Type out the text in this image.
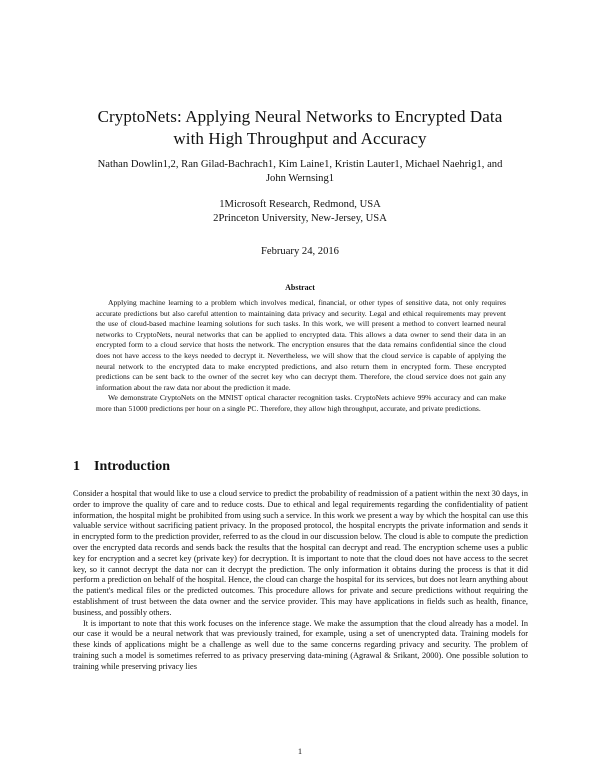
CryptoNets: Applying Neural Networks to Encrypted Data
with High Throughput and Accuracy
Nathan Dowlin1,2, Ran Gilad-Bachrach1, Kim Laine1, Kristin Lauter1, Michael Naehrig1, and
John Wernsing1
1Microsoft Research, Redmond, USA
2Princeton University, New-Jersey, USA
February 24, 2016
Abstract

Applying machine learning to a problem which involves medical, financial, or other types of sensitive data, not only requires accurate predictions but also careful attention to maintaining data privacy and security. Legal and ethical requirements may prevent the use of cloud-based machine learning solutions for such tasks. In this work, we will present a method to convert learned neural networks to CryptoNets, neural networks that can be applied to encrypted data. This allows a data owner to send their data in an encrypted form to a cloud service that hosts the network. The encryption ensures that the data remains confidential since the cloud does not have access to the keys needed to decrypt it. Nevertheless, we will show that the cloud service is capable of applying the neural network to the encrypted data to make encrypted predictions, and also return them in encrypted form. These encrypted predictions can be sent back to the owner of the secret key who can decrypt them. Therefore, the cloud service does not gain any information about the raw data nor about the prediction it made.

We demonstrate CryptoNets on the MNIST optical character recognition tasks. CryptoNets achieve 99% accuracy and can make more than 51000 predictions per hour on a single PC. Therefore, they allow high throughput, accurate, and private predictions.

1 Introduction

Consider a hospital that would like to use a cloud service to predict the probability of readmission of a patient within the next 30 days, in order to improve the quality of care and to reduce costs. Due to ethical and legal requirements regarding the confidentiality of patient information, the hospital might be prohibited from using such a service. In this work we present a way by which the hospital can use this valuable service without sacrificing patient privacy. In the proposed protocol, the hospital encrypts the private information and sends it in encrypted form to the prediction provider, referred to as the cloud in our discussion below. The cloud is able to compute the prediction over the encrypted data records and sends back the results that the hospital can decrypt and read. The encryption scheme uses a public key for encryption and a secret key (private key) for decryption. It is important to note that the cloud does not have access to the secret key, so it cannot decrypt the data nor can it decrypt the prediction. The only information it obtains during the process is that it did perform a prediction on behalf of the hospital. Hence, the cloud can charge the hospital for its services, but does not learn anything about the patient's medical files or the predicted outcomes. This procedure allows for private and secure predictions without requiring the establishment of trust between the data owner and the service provider. This may have applications in fields such as health, finance, business, and possibly others.

It is important to note that this work focuses on the inference stage. We make the assumption that the cloud already has a model. In our case it would be a neural network that was previously trained, for example, using a set of unencrypted data. Training models for these kinds of applications might be a challenge as well due to the same concerns regarding privacy and security. The problem of training such a model is sometimes referred to as privacy preserving data-mining (Agrawal & Srikant, 2000). One possible solution to training while preserving privacy lies

1
